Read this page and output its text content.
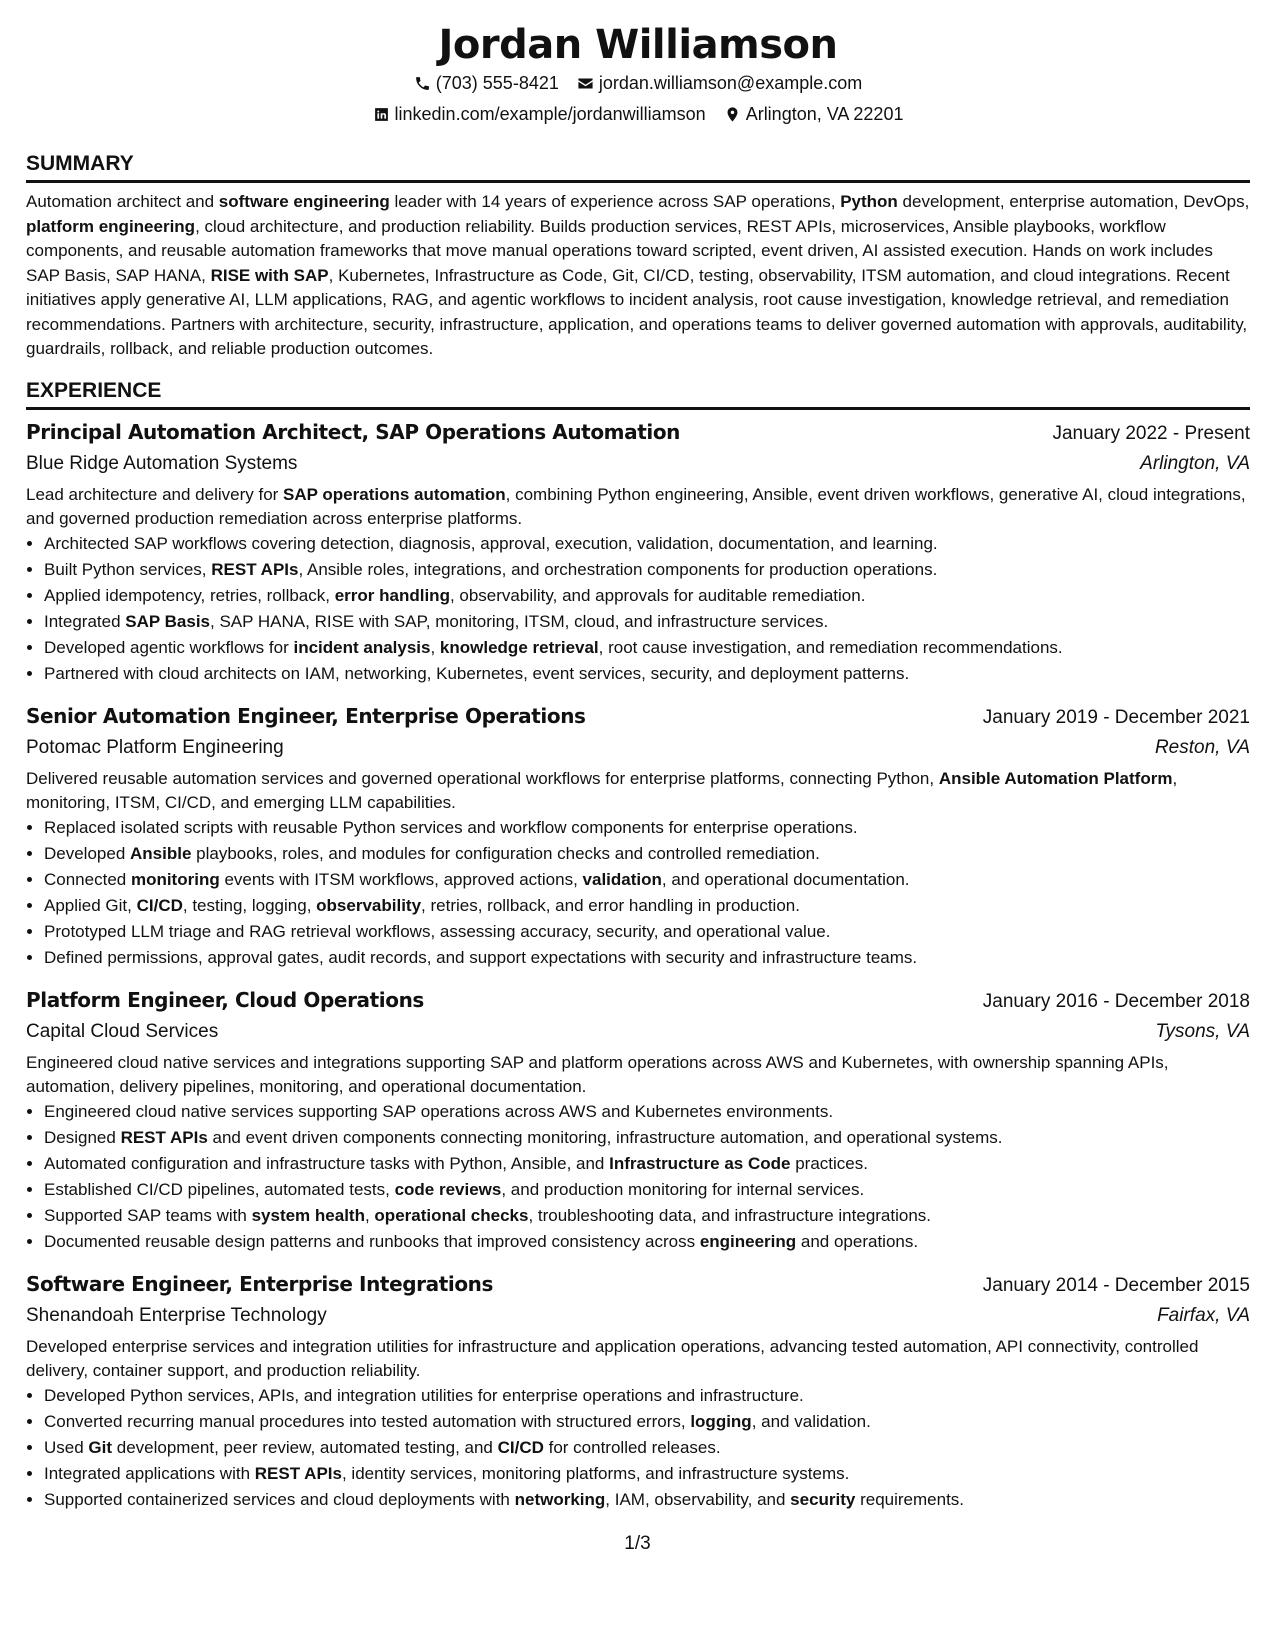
Jordan Williamson
(703) 555-8421 jordan.williamson@example.com
linkedin.com/example/jordanwilliamson Arlington, VA 22201
SUMMARY

Automation architect and software engineering leader with 14 years of experience across SAP operations, Python development, enterprise automation, DevOps, platform engineering, cloud architecture, and production reliability. Builds production services, REST APIs, microservices, Ansible playbooks, workflow components, and reusable automation frameworks that move manual operations toward scripted, event driven, AI assisted execution. Hands on work includes SAP Basis, SAP HANA, RISE with SAP, Kubernetes, Infrastructure as Code, Git, CI/CD, testing, observability, ITSM automation, and cloud integrations. Recent initiatives apply generative AI, LLM applications, RAG, and agentic workflows to incident analysis, root cause investigation, knowledge retrieval, and remediation recommendations. Partners with architecture, security, infrastructure, application, and operations teams to deliver governed automation with approvals, auditability, guardrails, rollback, and reliable production outcomes.

EXPERIENCE
Principal Automation Architect, SAP Operations Automation	January 2022 - Present
Blue Ridge Automation Systems	Arlington, VA

Lead architecture and delivery for SAP operations automation, combining Python engineering, Ansible, event driven workflows, generative AI, cloud integrations, and governed production remediation across enterprise platforms.

• Architected SAP workflows covering detection, diagnosis, approval, execution, validation, documentation, and learning.
• Built Python services, REST APIs, Ansible roles, integrations, and orchestration components for production operations.
• Applied idempotency, retries, rollback, error handling, observability, and approvals for auditable remediation.
• Integrated SAP Basis, SAP HANA, RISE with SAP, monitoring, ITSM, cloud, and infrastructure services.
• Developed agentic workflows for incident analysis, knowledge retrieval, root cause investigation, and remediation recommendations.
• Partnered with cloud architects on IAM, networking, Kubernetes, event services, security, and deployment patterns.
Senior Automation Engineer, Enterprise Operations	January 2019 - December 2021
Potomac Platform Engineering	Reston, VA

Delivered reusable automation services and governed operational workflows for enterprise platforms, connecting Python, Ansible Automation Platform, monitoring, ITSM, CI/CD, and emerging LLM capabilities.

• Replaced isolated scripts with reusable Python services and workflow components for enterprise operations.
• Developed Ansible playbooks, roles, and modules for configuration checks and controlled remediation.
• Connected monitoring events with ITSM workflows, approved actions, validation, and operational documentation.
• Applied Git, CI/CD, testing, logging, observability, retries, rollback, and error handling in production.
• Prototyped LLM triage and RAG retrieval workflows, assessing accuracy, security, and operational value.
• Defined permissions, approval gates, audit records, and support expectations with security and infrastructure teams.
Platform Engineer, Cloud Operations	January 2016 - December 2018
Capital Cloud Services	Tysons, VA

Engineered cloud native services and integrations supporting SAP and platform operations across AWS and Kubernetes, with ownership spanning APIs, automation, delivery pipelines, monitoring, and operational documentation.

• Engineered cloud native services supporting SAP operations across AWS and Kubernetes environments.
• Designed REST APIs and event driven components connecting monitoring, infrastructure automation, and operational systems.
• Automated configuration and infrastructure tasks with Python, Ansible, and Infrastructure as Code practices.
• Established CI/CD pipelines, automated tests, code reviews, and production monitoring for internal services.
• Supported SAP teams with system health, operational checks, troubleshooting data, and infrastructure integrations.
• Documented reusable design patterns and runbooks that improved consistency across engineering and operations.
Software Engineer, Enterprise Integrations	January 2014 - December 2015
Shenandoah Enterprise Technology	Fairfax, VA

Developed enterprise services and integration utilities for infrastructure and application operations, advancing tested automation, API connectivity, controlled delivery, container support, and production reliability.

• Developed Python services, APIs, and integration utilities for enterprise operations and infrastructure.
• Converted recurring manual procedures into tested automation with structured errors, logging, and validation.
• Used Git development, peer review, automated testing, and CI/CD for controlled releases.
• Integrated applications with REST APIs, identity services, monitoring platforms, and infrastructure systems.
• Supported containerized services and cloud deployments with networking, IAM, observability, and security requirements.
1/3
